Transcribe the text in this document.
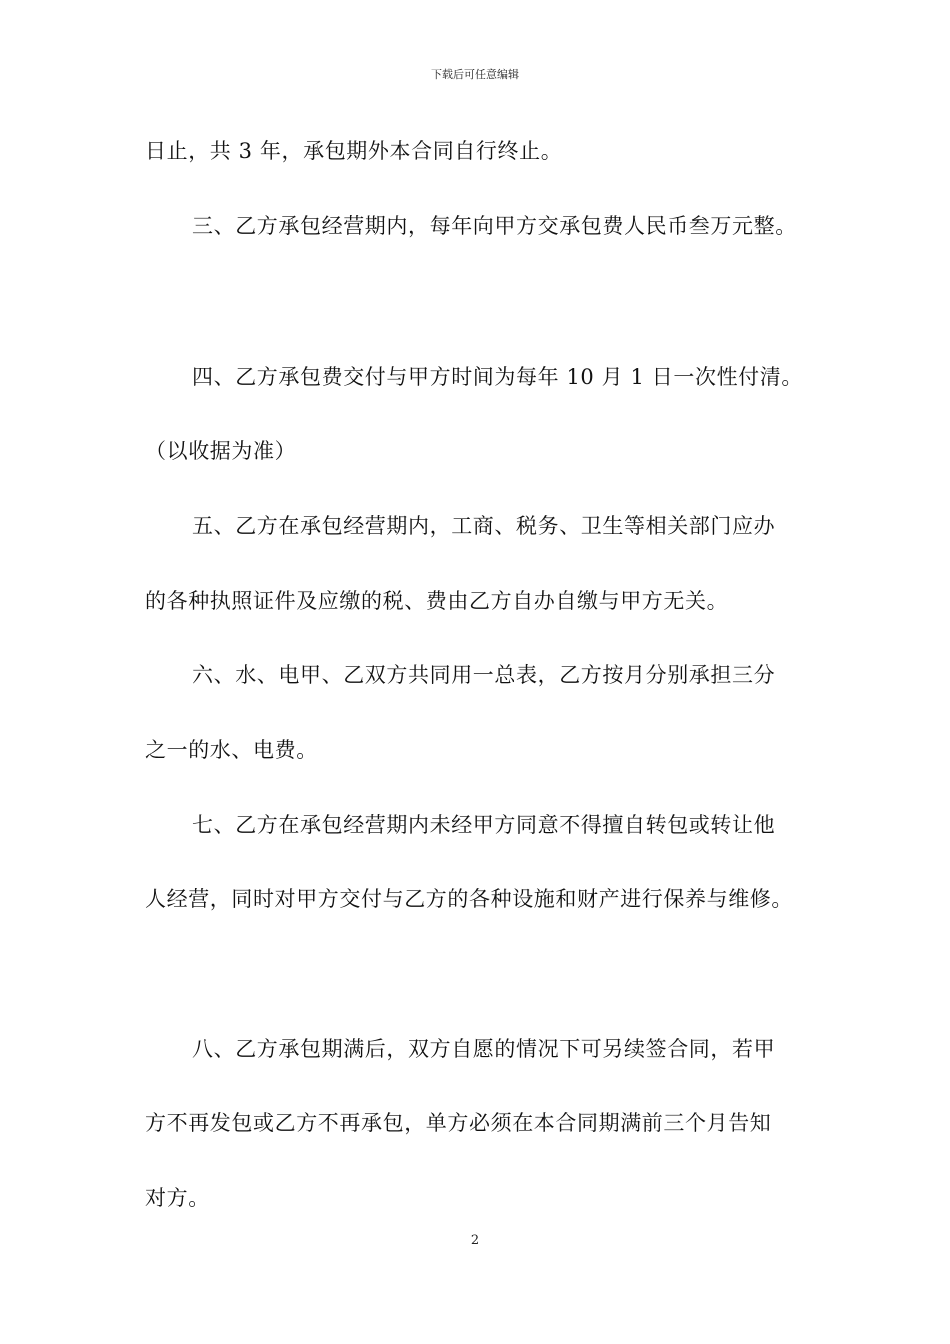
下载后可任意编辑
日止，共 3 年，承包期外本合同自行终止。
三、乙方承包经营期内，每年向甲方交承包费人民币叁万元整。
四、乙方承包费交付与甲方时间为每年 10 月 1 日一次性付清。
（以收据为准）
五、乙方在承包经营期内，工商、税务、卫生等相关部门应办
的各种执照证件及应缴的税、费由乙方自办自缴与甲方无关。
六、水、电甲、乙双方共同用一总表，乙方按月分别承担三分
之一的水、电费。
七、乙方在承包经营期内未经甲方同意不得擅自转包或转让他
人经营，同时对甲方交付与乙方的各种设施和财产进行保养与维修。
八、乙方承包期满后，双方自愿的情况下可另续签合同，若甲
方不再发包或乙方不再承包，单方必须在本合同期满前三个月告知
对方。
2
